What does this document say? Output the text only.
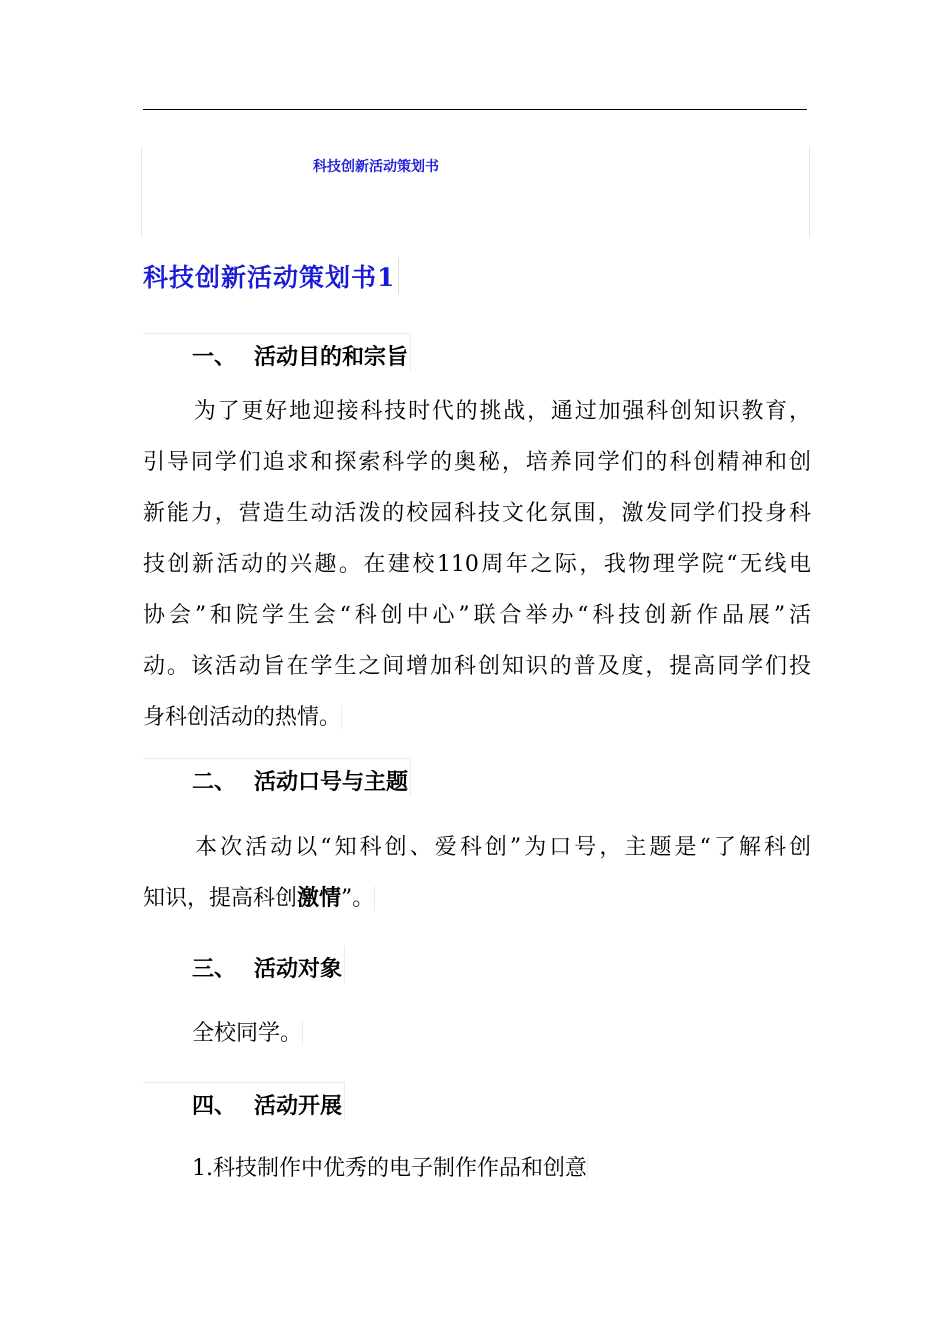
科技创新活动策划书
科技创新活动策划书1
一、 活动目的和宗旨
为了更好地迎接科技时代的挑战，通过加强科创知识教育，
引导同学们追求和探索科学的奥秘，培养同学们的科创精神和创
新能力，营造生动活泼的校园科技文化氛围，激发同学们投身科
技创新活动的兴趣。在建校110周年之际，我物理学院“无线电
协会”和院学生会“科创中心”联合举办“科技创新作品展”活
动。该活动旨在学生之间增加科创知识的普及度，提高同学们投
身科创活动的热情。
二、 活动口号与主题
本次活动以“知科创、爱科创”为口号，主题是“了解科创
知识，提高科创激情”。
三、 活动对象
全校同学。
四、 活动开展
1.科技制作中优秀的电子制作作品和创意
